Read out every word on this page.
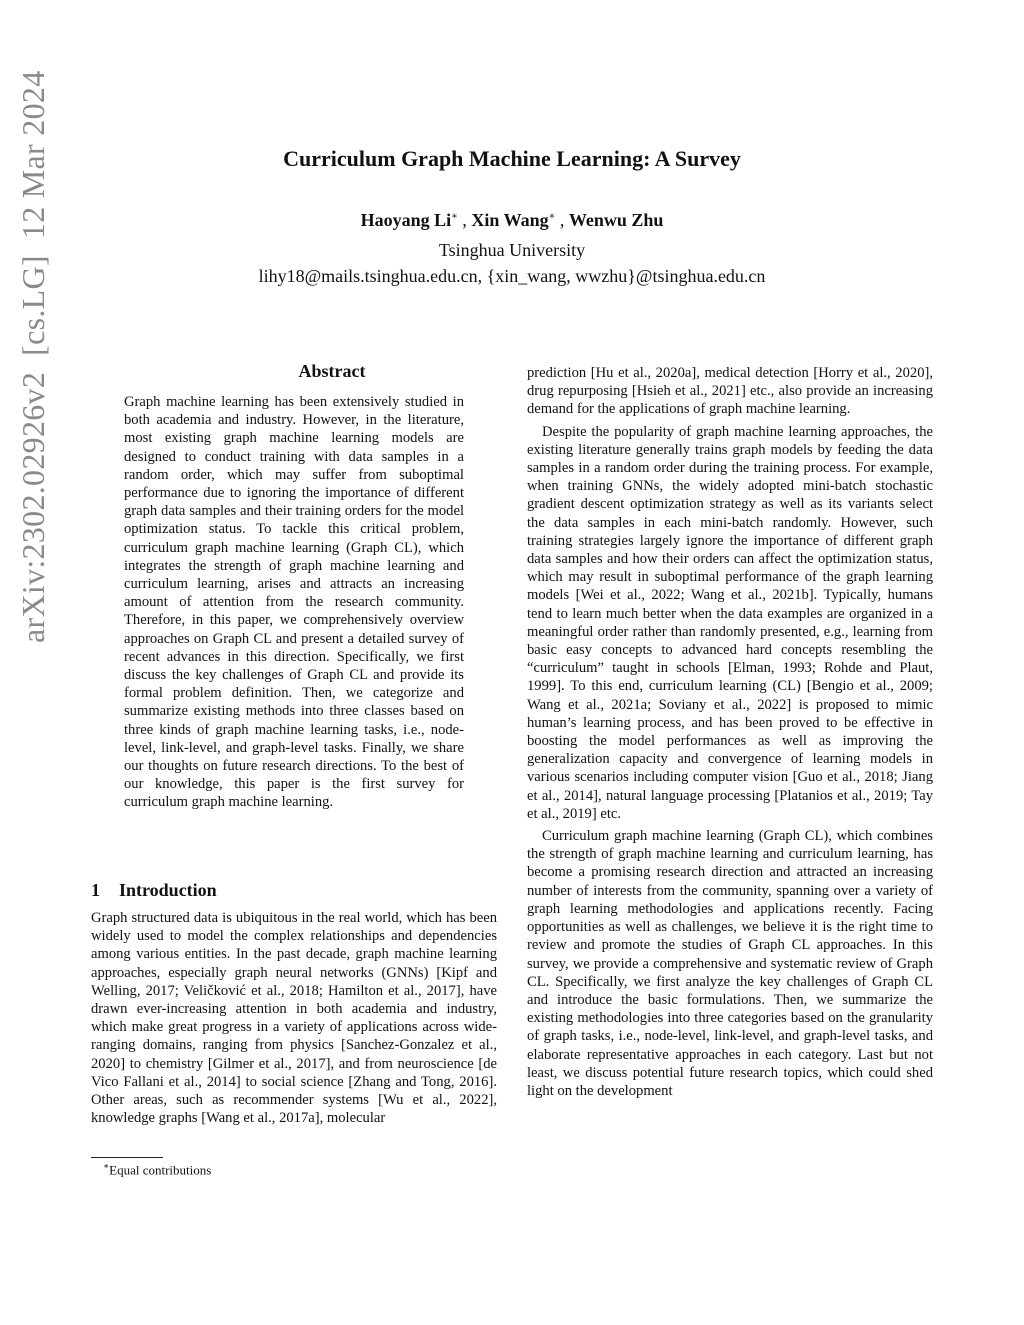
arXiv:2302.02926v2[cs.LG]12 Mar 2024	Curriculum Graph Machine Learning: A Survey
Haoyang Li∗ , Xin Wang∗ , Wenwu Zhu
Tsinghua University
lihy18@mails.tsinghua.edu.cn, {xin_wang, wwzhu}@tsinghua.edu.cn
Abstract
Graph machine learning has been extensively studied in both academia and industry. However, in the literature, most existing graph machine learning models are designed to conduct training with data samples in a random order, which may suffer from suboptimal performance due to ignoring the importance of different graph data samples and their training orders for the model optimization status. To tackle this critical problem, curriculum graph machine learning (Graph CL), which integrates the strength of graph machine learning and curriculum learning, arises and attracts an increasing amount of attention from the research community. Therefore, in this paper, we comprehensively overview approaches on Graph CL and present a detailed survey of recent advances in this direction. Specifically, we first discuss the key challenges of Graph CL and provide its formal problem definition. Then, we categorize and summarize existing methods into three classes based on three kinds of graph machine learning tasks, i.e., node-level, link-level, and graph-level tasks. Finally, we share our thoughts on future research directions. To the best of our knowledge, this paper is the first survey for curriculum graph machine learning.
1 Introduction
Graph structured data is ubiquitous in the real world, which has been widely used to model the complex relationships and dependencies among various entities. In the past decade, graph machine learning approaches, especially graph neural networks (GNNs) [Kipf and Welling, 2017; Veličković et al., 2018; Hamilton et al., 2017], have drawn ever-increasing attention in both academia and industry, which make great progress in a variety of applications across wide-ranging domains, ranging from physics [Sanchez-Gonzalez et al., 2020] to chemistry [Gilmer et al., 2017], and from neuroscience [de Vico Fallani et al., 2014] to social science [Zhang and Tong, 2016]. Other areas, such as recommender systems [Wu et al., 2022], knowledge graphs [Wang et al., 2017a], molecular

prediction [Hu et al., 2020a], medical detection [Horry et al., 2020], drug repurposing [Hsieh et al., 2021] etc., also provide an increasing demand for the applications of graph machine learning.

Despite the popularity of graph machine learning approaches, the existing literature generally trains graph models by feeding the data samples in a random order during the training process. For example, when training GNNs, the widely adopted mini-batch stochastic gradient descent optimization strategy as well as its variants select the data samples in each mini-batch randomly. However, such training strategies largely ignore the importance of different graph data samples and how their orders can affect the optimization status, which may result in suboptimal performance of the graph learning models [Wei et al., 2022; Wang et al., 2021b]. Typically, humans tend to learn much better when the data examples are organized in a meaningful order rather than randomly presented, e.g., learning from basic easy concepts to advanced hard concepts resembling the “curriculum” taught in schools [Elman, 1993; Rohde and Plaut, 1999]. To this end, curriculum learning (CL) [Bengio et al., 2009; Wang et al., 2021a; Soviany et al., 2022] is proposed to mimic human’s learning process, and has been proved to be effective in boosting the model performances as well as improving the generalization capacity and convergence of learning models in various scenarios including computer vision [Guo et al., 2018; Jiang et al., 2014], natural language processing [Platanios et al., 2019; Tay et al., 2019] etc.

Curriculum graph machine learning (Graph CL), which combines the strength of graph machine learning and curriculum learning, has become a promising research direction and attracted an increasing number of interests from the community, spanning over a variety of graph learning methodologies and applications recently. Facing opportunities as well as challenges, we believe it is the right time to review and promote the studies of Graph CL approaches. In this survey, we provide a comprehensive and systematic review of Graph CL. Specifically, we first analyze the key challenges of Graph CL and introduce the basic formulations. Then, we summarize the existing methodologies into three categories based on the granularity of graph tasks, i.e., node-level, link-level, and graph-level tasks, and elaborate representative approaches in each category. Last but not least, we discuss potential future research topics, which could shed light on the development

∗Equal contributions
